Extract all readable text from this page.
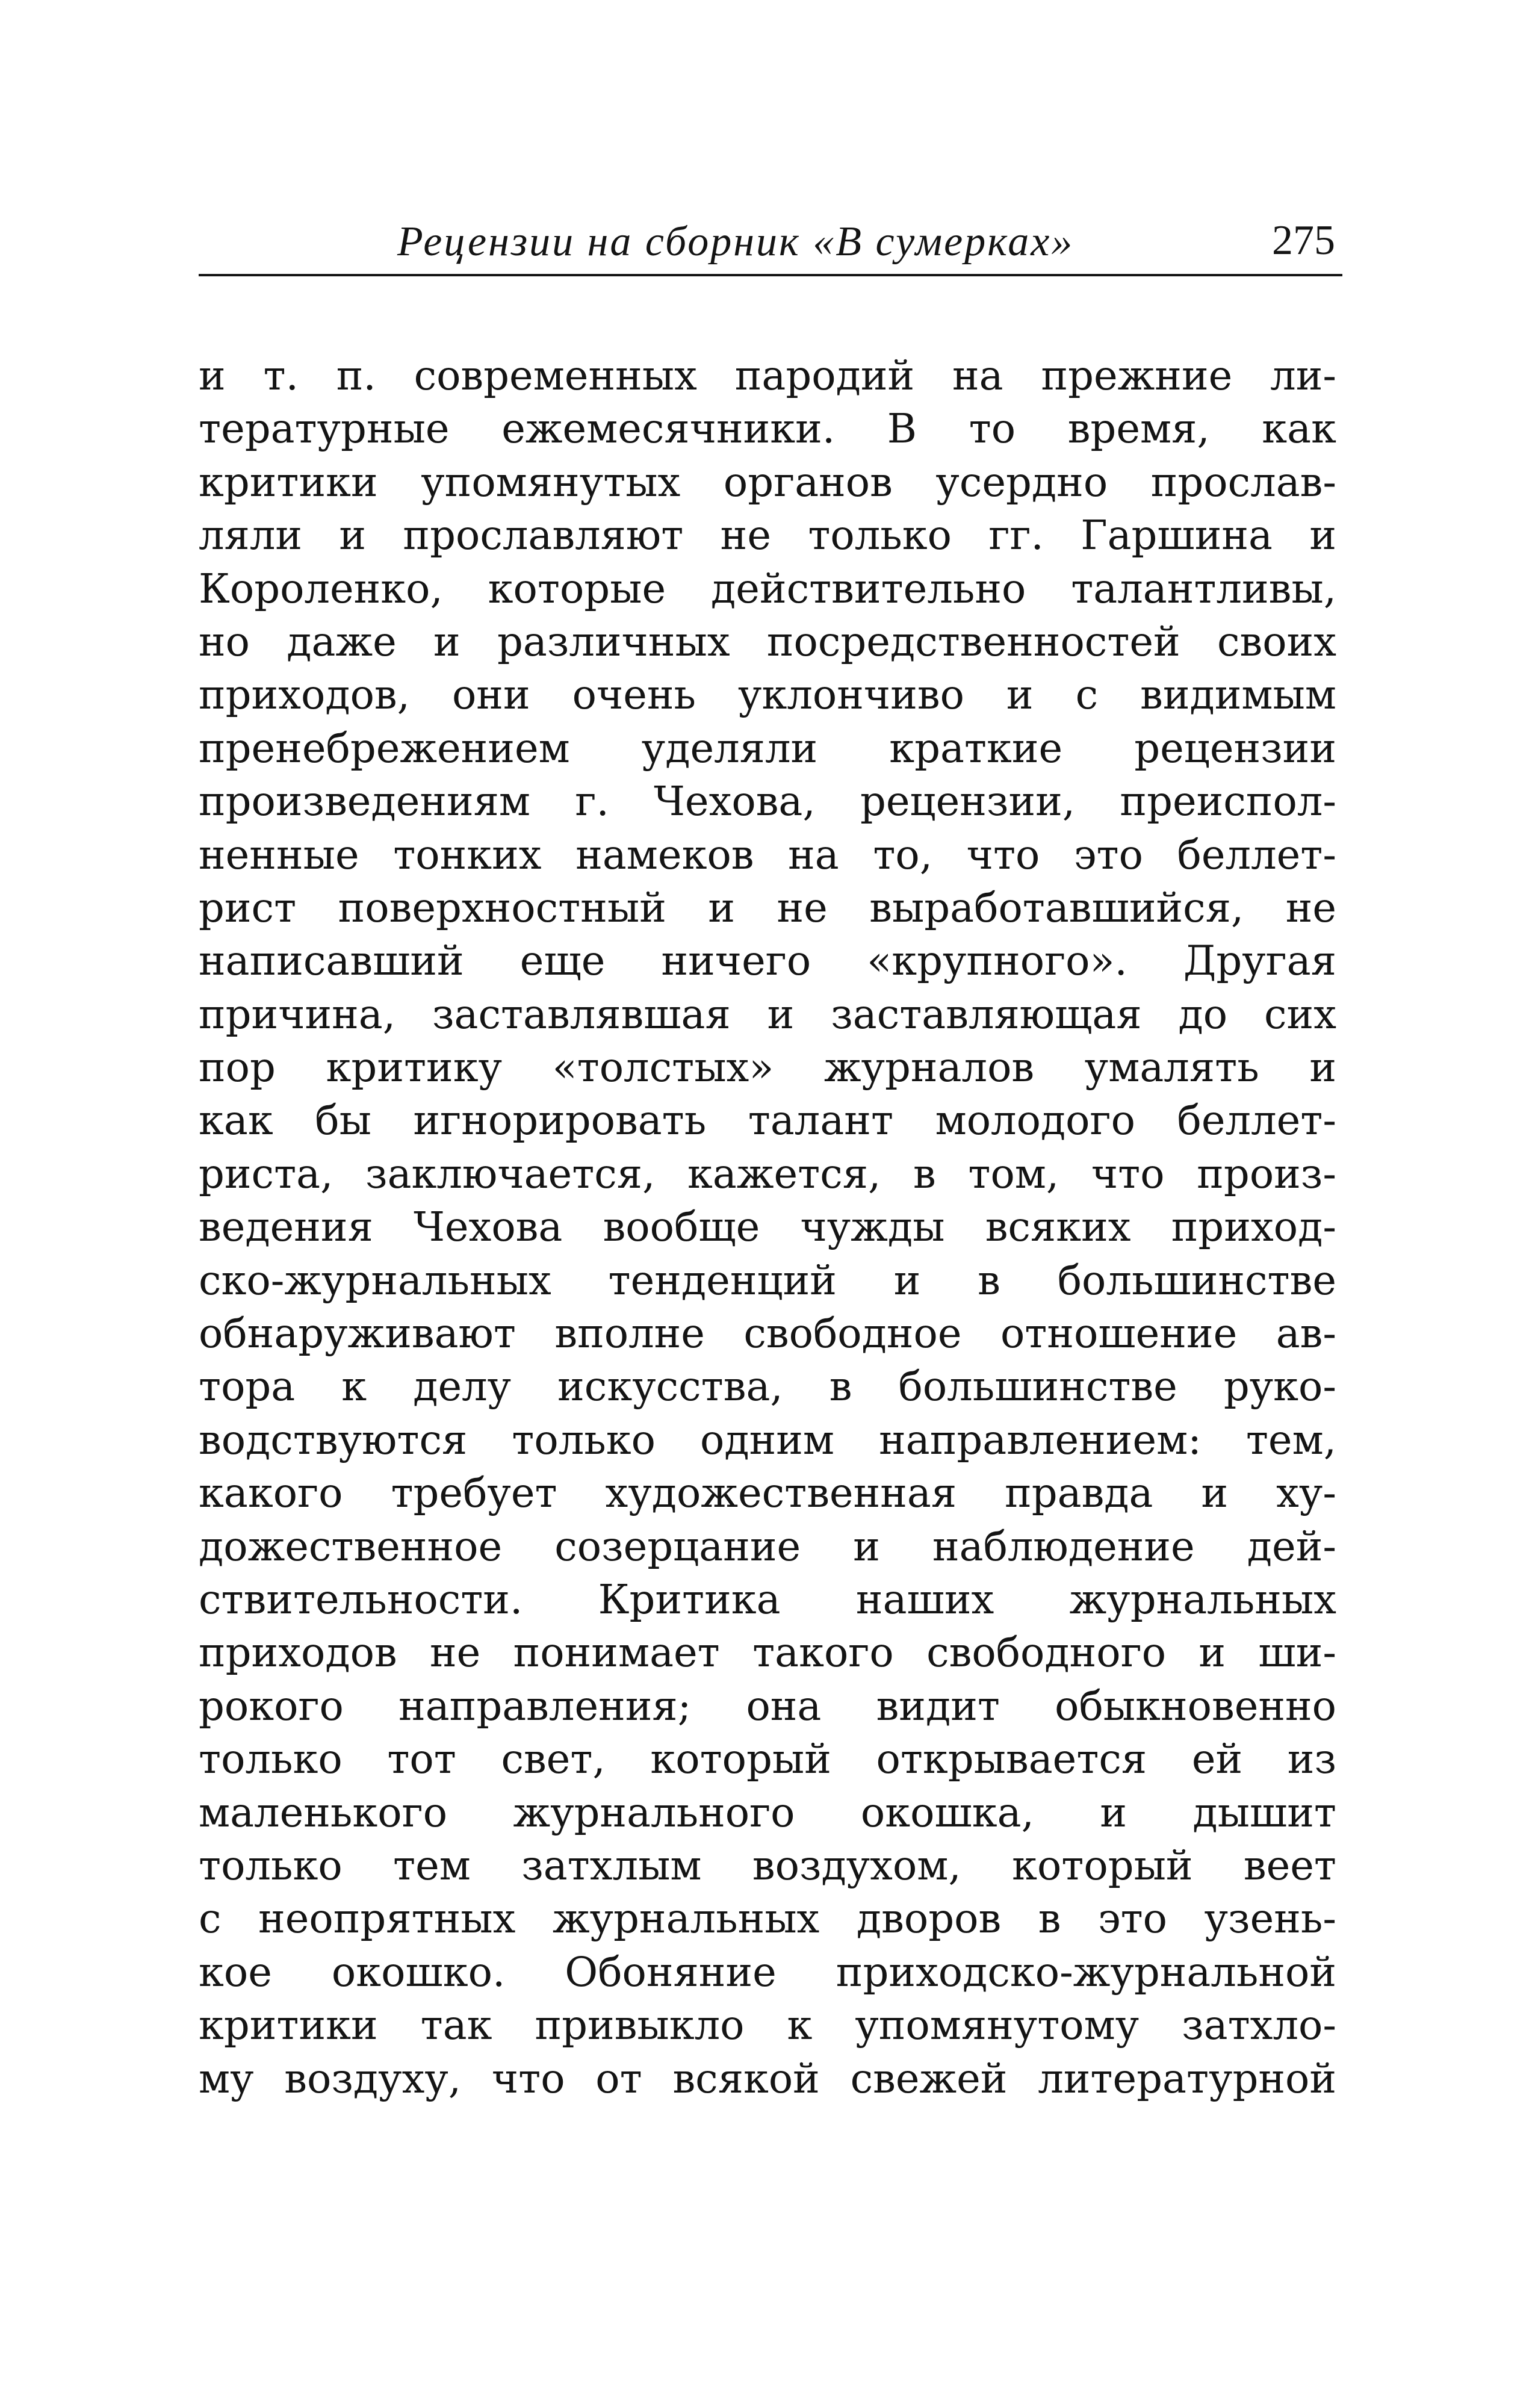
Рецензии на сборник «В сумерках»	275
и т. п. современных пародий на прежние ли-
тературные ежемесячники. В то время, как
критики упомянутых органов усердно прослав-
ляли и прославляют не только гг. Гаршина и
Короленко, которые действительно талантливы,
но даже и различных посредственностей своих
приходов, они очень уклончиво и с видимым
пренебрежением уделяли краткие рецензии
произведениям г. Чехова, рецензии, преиспол-
ненные тонких намеков на то, что это беллет-
рист поверхностный и не выработавшийся, не
написавший еще ничего «крупного». Другая
причина, заставлявшая и заставляющая до сих
пор критику «толстых» журналов умалять и
как бы игнорировать талант молодого беллет-
риста, заключается, кажется, в том, что произ-
ведения Чехова вообще чужды всяких приход-
ско-журнальных тенденций и в большинстве
обнаруживают вполне свободное отношение ав-
тора к делу искусства, в большинстве руко-
водствуются только одним направлением: тем,
какого требует художественная правда и ху-
дожественное созерцание и наблюдение дей-
ствительности. Критика наших журнальных
приходов не понимает такого свободного и ши-
рокого направления; она видит обыкновенно
только тот свет, который открывается ей из
маленького журнального окошка, и дышит
только тем затхлым воздухом, который веет
с неопрятных журнальных дворов в это узень-
кое окошко. Обоняние приходско-журнальной
критики так привыкло к упомянутому затхло-
му воздуху, что от всякой свежей литературной
